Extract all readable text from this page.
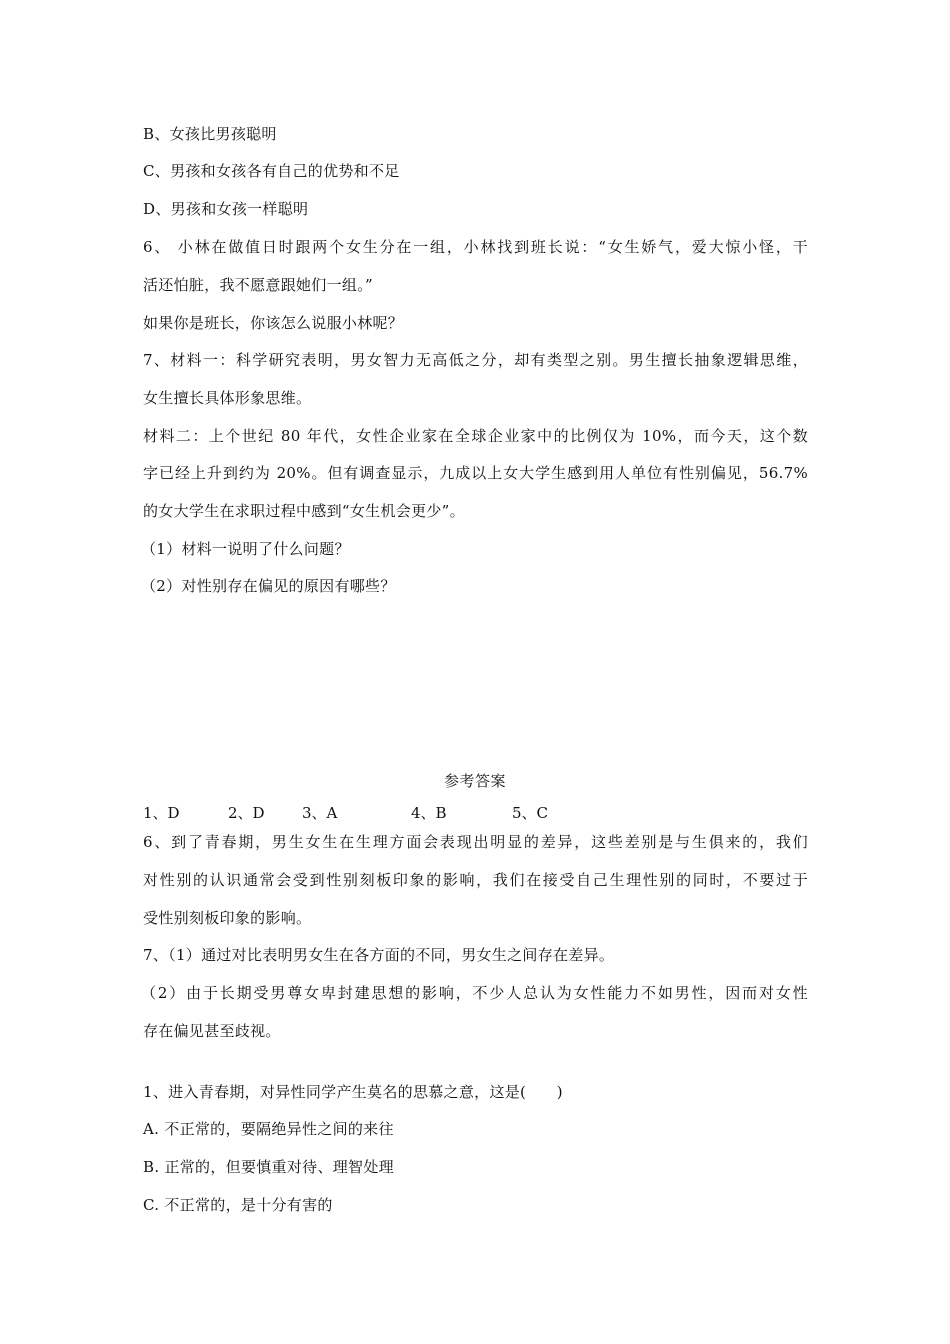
B、女孩比男孩聪明
C、男孩和女孩各有自己的优势和不足
D、男孩和女孩一样聪明
6、 小林在做值日时跟两个女生分在一组，小林找到班长说：“女生娇气，爱大惊小怪，干
活还怕脏，我不愿意跟她们一组。”
如果你是班长，你该怎么说服小林呢？
7、材料一：科学研究表明，男女智力无高低之分，却有类型之别。男生擅长抽象逻辑思维，
女生擅长具体形象思维。
材料二：上个世纪 80 年代，女性企业家在全球企业家中的比例仅为 10%，而今天，这个数
字已经上升到约为 20%。但有调查显示，九成以上女大学生感到用人单位有性别偏见，56.7%
的女大学生在求职过程中感到“女生机会更少”。
（1）材料一说明了什么问题？
（2）对性别存在偏见的原因有哪些？
参考答案
1、D	2、D 3、A	4、B	5、C
6、到了青春期，男生女生在生理方面会表现出明显的差异，这些差别是与生俱来的，我们
对性别的认识通常会受到性别刻板印象的影响，我们在接受自己生理性别的同时，不要过于
受性别刻板印象的影响。
7、（1）通过对比表明男女生在各方面的不同，男女生之间存在差异。
（2）由于长期受男尊女卑封建思想的影响，不少人总认为女性能力不如男性，因而对女性
存在偏见甚至歧视。
1、进入青春期，对异性同学产生莫名的思慕之意，这是(　　)
A. 不正常的，要隔绝异性之间的来往
B. 正常的，但要慎重对待、理智处理
C. 不正常的，是十分有害的
